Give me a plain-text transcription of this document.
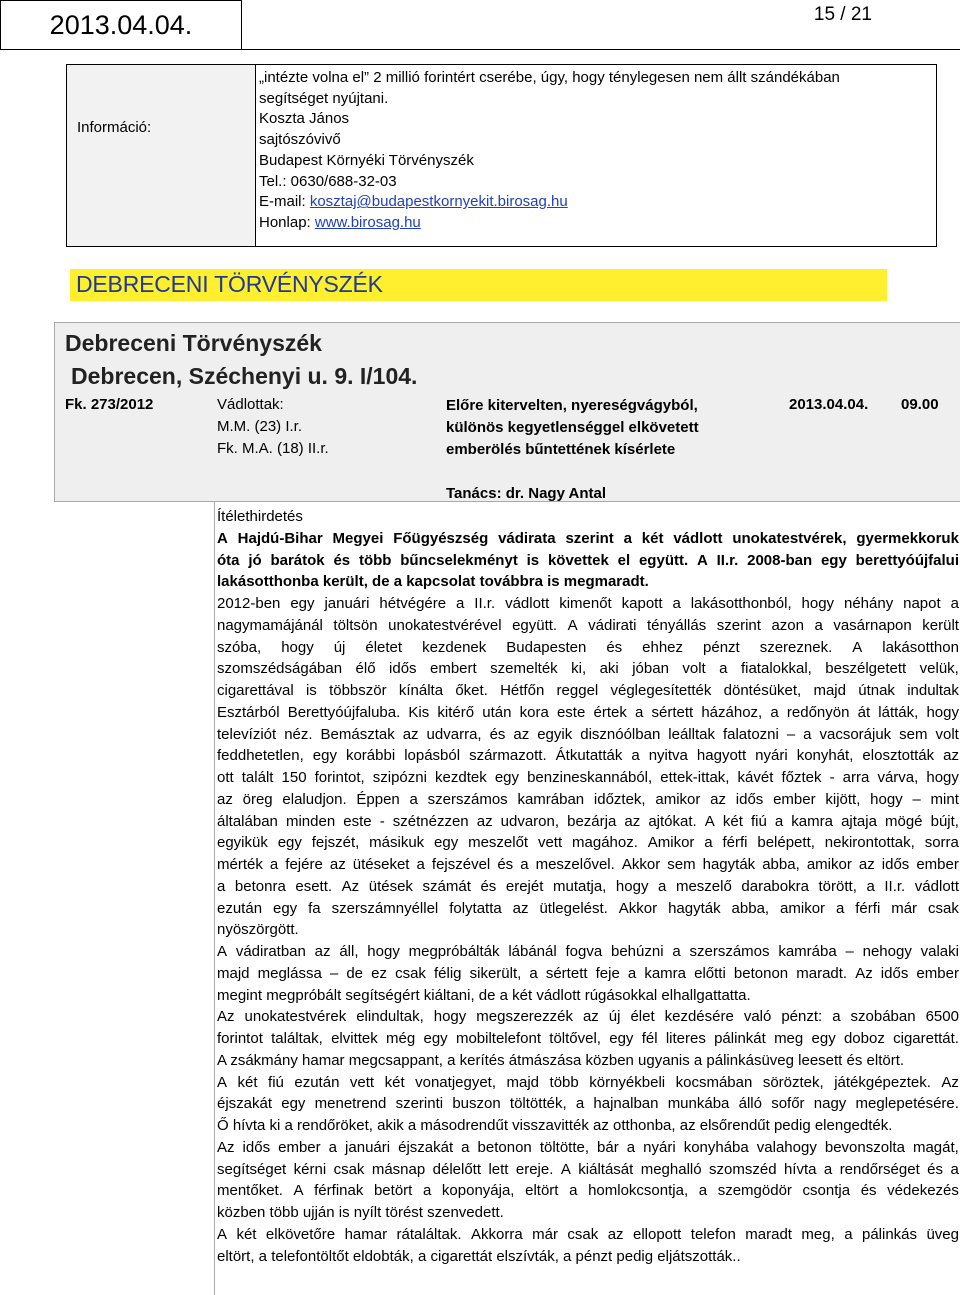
2013.04.04.	15 / 21
Információ:
„intézte volna el” 2 millió forintért cserébe, úgy, hogy ténylegesen nem állt szándékában
segítséget nyújtani.
Koszta János
sajtószóvivő
Budapest Környéki Törvényszék
Tel.: 0630/688-32-03
E-mail: kosztaj@budapestkornyekit.birosag.hu
Honlap: www.birosag.hu
DEBRECENI TÖRVÉNYSZÉK
Debreceni Törvényszék
Debrecen, Széchenyi u. 9. I/104.
Fk. 273/2012	Vádlottak:
M.M. (23) I.r.
Fk. M.A. (18) II.r.
Előre kitervelten, nyereségvágyból,
különös kegyetlenséggel elkövetett
emberölés bűntettének kísérlete
2013.04.04. 09.00
Tanács: dr. Nagy Antal
Ítélethirdetés
A Hajdú-Bihar Megyei Főügyészség vádirata szerint a két vádlott unokatestvérek, gyermekkoruk
óta jó barátok és több bűncselekményt is követtek el együtt. A II.r. 2008-ban egy berettyóújfalui
lakásotthonba került, de a kapcsolat továbbra is megmaradt.
2012-ben egy januári hétvégére a II.r. vádlott kimenőt kapott a lakásotthonból, hogy néhány napot a
nagymamájánál töltsön unokatestvérével együtt. A vádirati tényállás szerint azon a vasárnapon került
szóba, hogy új életet kezdenek Budapesten és ehhez pénzt szereznek. A lakásotthon
szomszédságában élő idős embert szemelték ki, aki jóban volt a fiatalokkal, beszélgetett velük,
cigarettával is többször kínálta őket. Hétfőn reggel véglegesítették döntésüket, majd útnak indultak
Esztárból Berettyóújfaluba. Kis kitérő után kora este értek a sértett házához, a redőnyön át látták, hogy
televíziót néz. Bemásztak az udvarra, és az egyik disznóólban leálltak falatozni – a vacsorájuk sem volt
feddhetetlen, egy korábbi lopásból származott. Átkutatták a nyitva hagyott nyári konyhát, elosztották az
ott talált 150 forintot, szipózni kezdtek egy benzineskannából, ettek-ittak, kávét főztek - arra várva, hogy
az öreg elaludjon. Éppen a szerszámos kamrában időztek, amikor az idős ember kijött, hogy – mint
általában minden este - szétnézzen az udvaron, bezárja az ajtókat. A két fiú a kamra ajtaja mögé bújt,
egyikük egy fejszét, másikuk egy meszelőt vett magához. Amikor a férfi belépett, nekirontottak, sorra
mérték a fejére az ütéseket a fejszével és a meszelővel. Akkor sem hagyták abba, amikor az idős ember
a betonra esett. Az ütések számát és erejét mutatja, hogy a meszelő darabokra törött, a II.r. vádlott
ezután egy fa szerszámnyéllel folytatta az ütlegelést. Akkor hagyták abba, amikor a férfi már csak
nyöszörgött.
A vádiratban az áll, hogy megpróbálták lábánál fogva behúzni a szerszámos kamrába – nehogy valaki
majd meglássa – de ez csak félig sikerült, a sértett feje a kamra előtti betonon maradt. Az idős ember
megint megpróbált segítségért kiáltani, de a két vádlott rúgásokkal elhallgattatta.
Az unokatestvérek elindultak, hogy megszerezzék az új élet kezdésére való pénzt: a szobában 6500
forintot találtak, elvittek még egy mobiltelefont töltővel, egy fél literes pálinkát meg egy doboz cigarettát.
A zsákmány hamar megcsappant, a kerítés átmászása közben ugyanis a pálinkásüveg leesett és eltört.
A két fiú ezután vett két vonatjegyet, majd több környékbeli kocsmában söröztek, játékgépeztek. Az
éjszakát egy menetrend szerinti buszon töltötték, a hajnalban munkába álló sofőr nagy meglepetésére.
Ő hívta ki a rendőröket, akik a másodrendűt visszavitték az otthonba, az elsőrendűt pedig elengedték.
Az idős ember a januári éjszakát a betonon töltötte, bár a nyári konyhába valahogy bevonszolta magát,
segítséget kérni csak másnap délelőtt lett ereje. A kiáltását meghalló szomszéd hívta a rendőrséget és a
mentőket. A férfinak betört a koponyája, eltört a homlokcsontja, a szemgödör csontja és védekezés
közben több ujján is nyílt törést szenvedett.
A két elkövetőre hamar rátaláltak. Akkorra már csak az ellopott telefon maradt meg, a pálinkás üveg
eltört, a telefontöltőt eldobták, a cigarettát elszívták, a pénzt pedig eljátszották..
